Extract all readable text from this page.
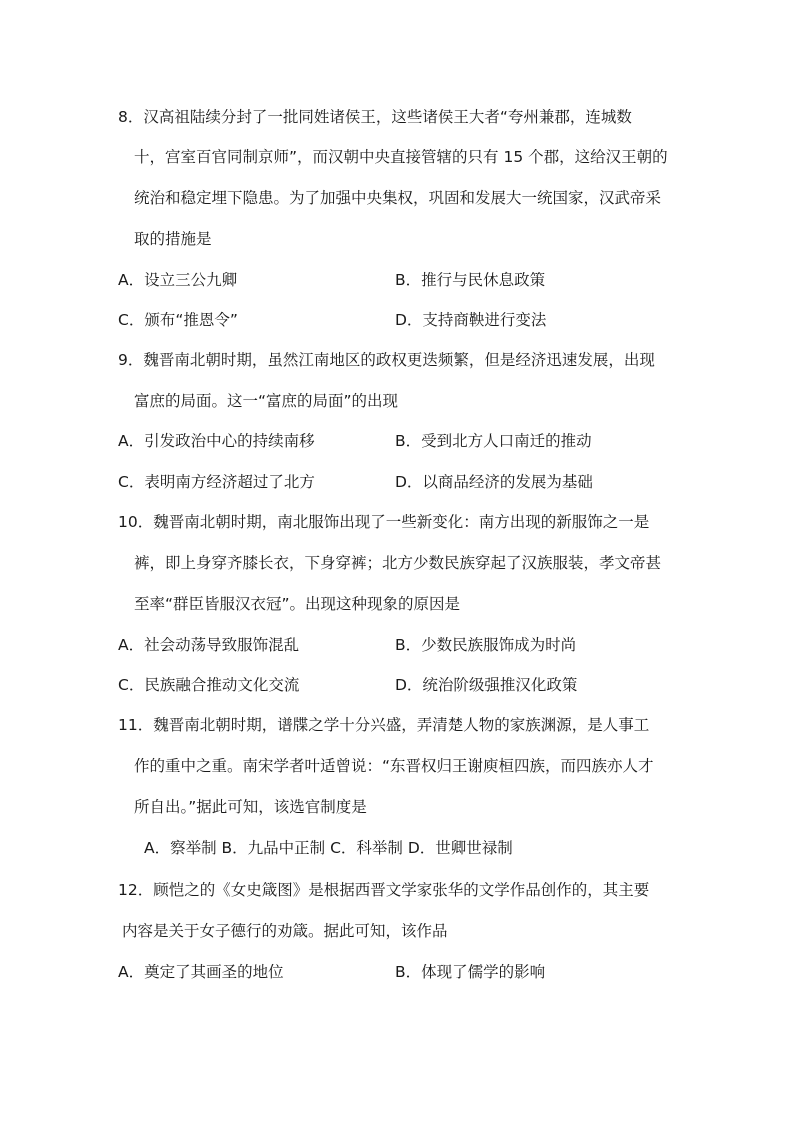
8．汉高祖陆续分封了一批同姓诸侯王，这些诸侯王大者“夸州兼郡，连城数
十，宫室百官同制京师”，而汉朝中央直接管辖的只有 15 个郡，这给汉王朝的
统治和稳定埋下隐患。为了加强中央集权，巩固和发展大一统国家，汉武帝采
取的措施是
A．设立三公九卿	B．推行与民休息政策
C．颁布“推恩令”	D．支持商鞅进行变法
9．魏晋南北朝时期，虽然江南地区的政权更迭频繁，但是经济迅速发展，出现
富庶的局面。这一“富庶的局面”的出现
A．引发政治中心的持续南移	B．受到北方人口南迁的推动
C．表明南方经济超过了北方	D．以商品经济的发展为基础
10．魏晋南北朝时期，南北服饰出现了一些新变化：南方出现的新服饰之一是
裤，即上身穿齐膝长衣，下身穿裤；北方少数民族穿起了汉族服装，孝文帝甚
至率“群臣皆服汉衣冠”。出现这种现象的原因是
A．社会动荡导致服饰混乱	B．少数民族服饰成为时尚
C．民族融合推动文化交流	D．统治阶级强推汉化政策
11．魏晋南北朝时期，谱牒之学十分兴盛，弄清楚人物的家族渊源，是人事工
作的重中之重。南宋学者叶适曾说：“东晋权归王谢庾桓四族，而四族亦人才
所自出。”据此可知，该选官制度是
A．察举制 B．九品中正制 C．科举制 D．世卿世禄制
12．顾恺之的《女史箴图》是根据西晋文学家张华的文学作品创作的，其主要
内容是关于女子德行的劝箴。据此可知，该作品
A．奠定了其画圣的地位	B．体现了儒学的影响
